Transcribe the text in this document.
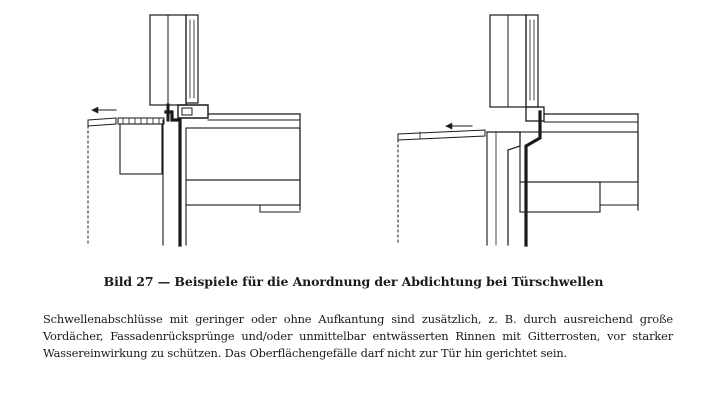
Bild 27 — Beispiele für die Anordnung der Abdichtung bei Türschwellen
Schwellenabschlüsse mit geringer oder ohne Aufkantung sind zusätzlich, z. B. durch ausreichend große
Vordächer, Fassadenrücksprünge und/oder unmittelbar entwässerten Rinnen mit Gitterrosten, vor starker
Wassereinwirkung zu schützen. Das Oberflächengefälle darf nicht zur Tür hin gerichtet sein.
